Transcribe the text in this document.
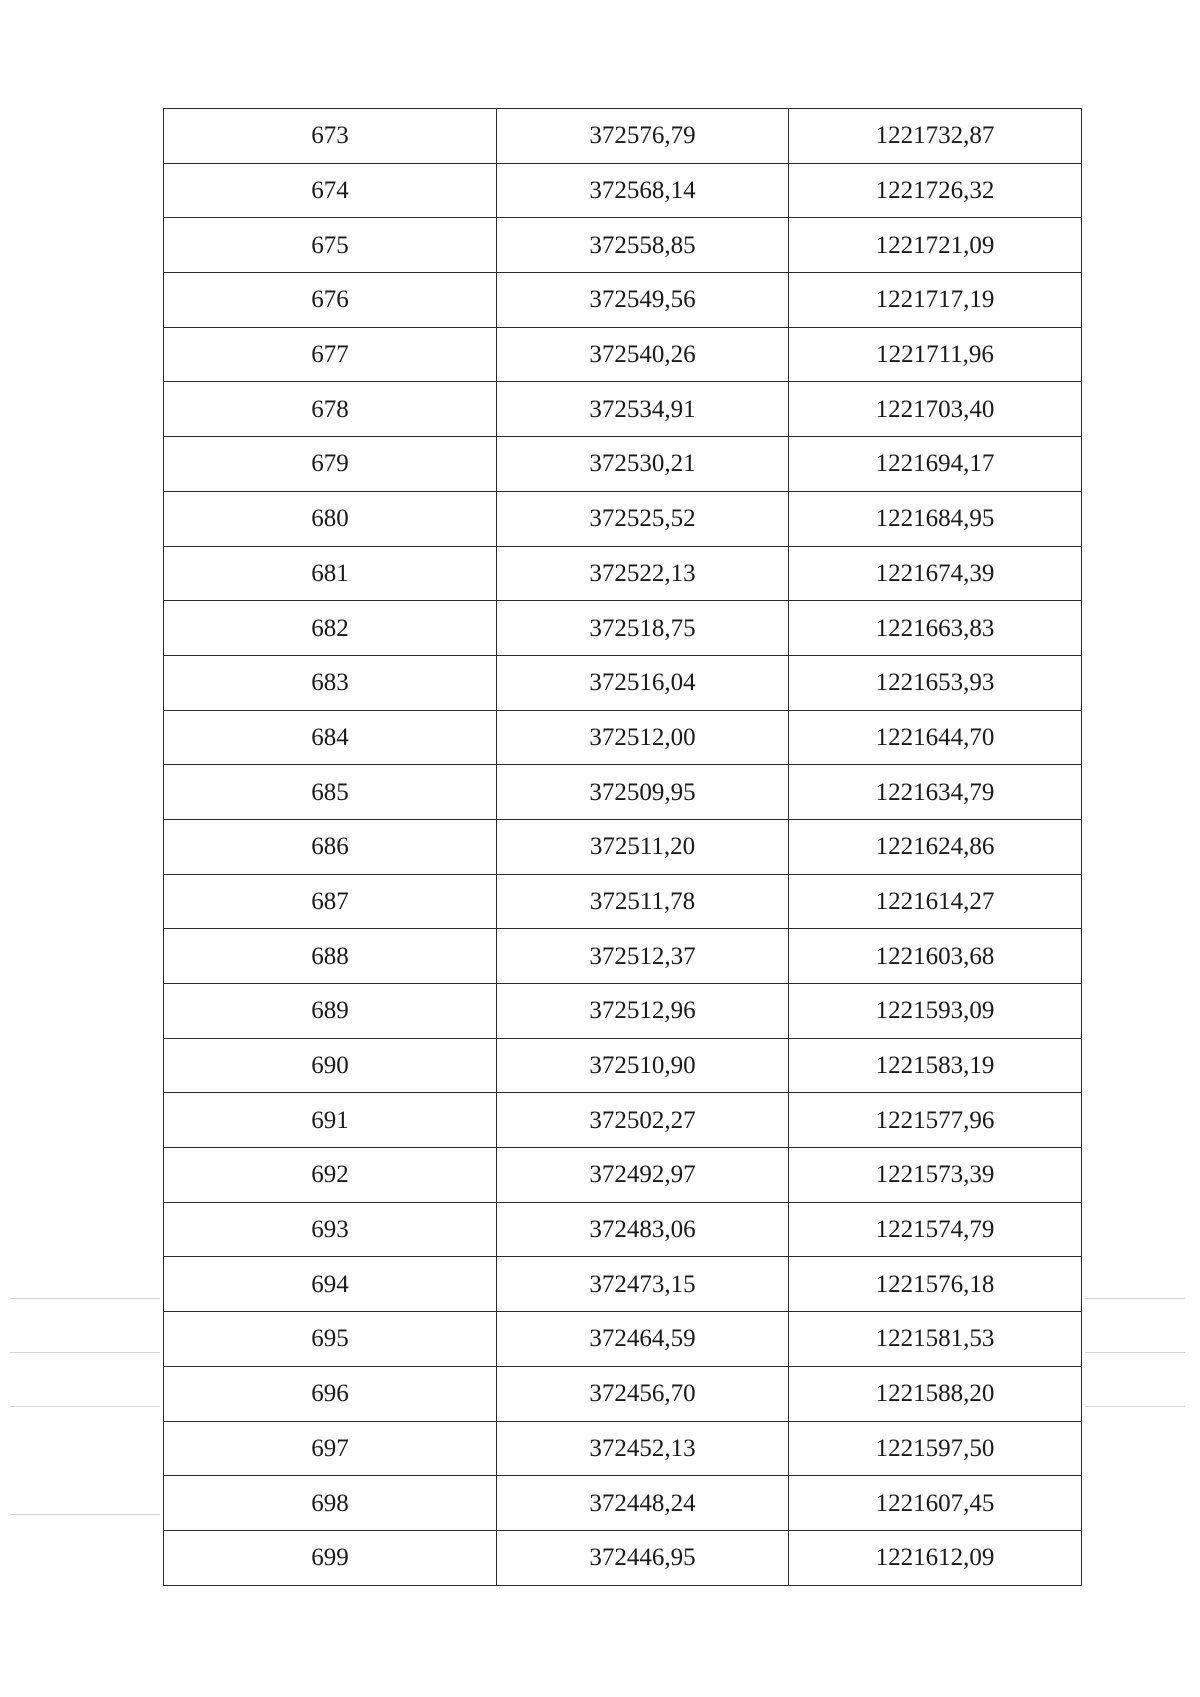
673	372576,79	1221732,87
674	372568,14	1221726,32
675	372558,85	1221721,09
676	372549,56	1221717,19
677	372540,26	1221711,96
678	372534,91	1221703,40
679	372530,21	1221694,17
680	372525,52	1221684,95
681	372522,13	1221674,39
682	372518,75	1221663,83
683	372516,04	1221653,93
684	372512,00	1221644,70
685	372509,95	1221634,79
686	372511,20	1221624,86
687	372511,78	1221614,27
688	372512,37	1221603,68
689	372512,96	1221593,09
690	372510,90	1221583,19
691	372502,27	1221577,96
692	372492,97	1221573,39
693	372483,06	1221574,79
694	372473,15	1221576,18
695	372464,59	1221581,53
696	372456,70	1221588,20
697	372452,13	1221597,50
698	372448,24	1221607,45
699	372446,95	1221612,09
